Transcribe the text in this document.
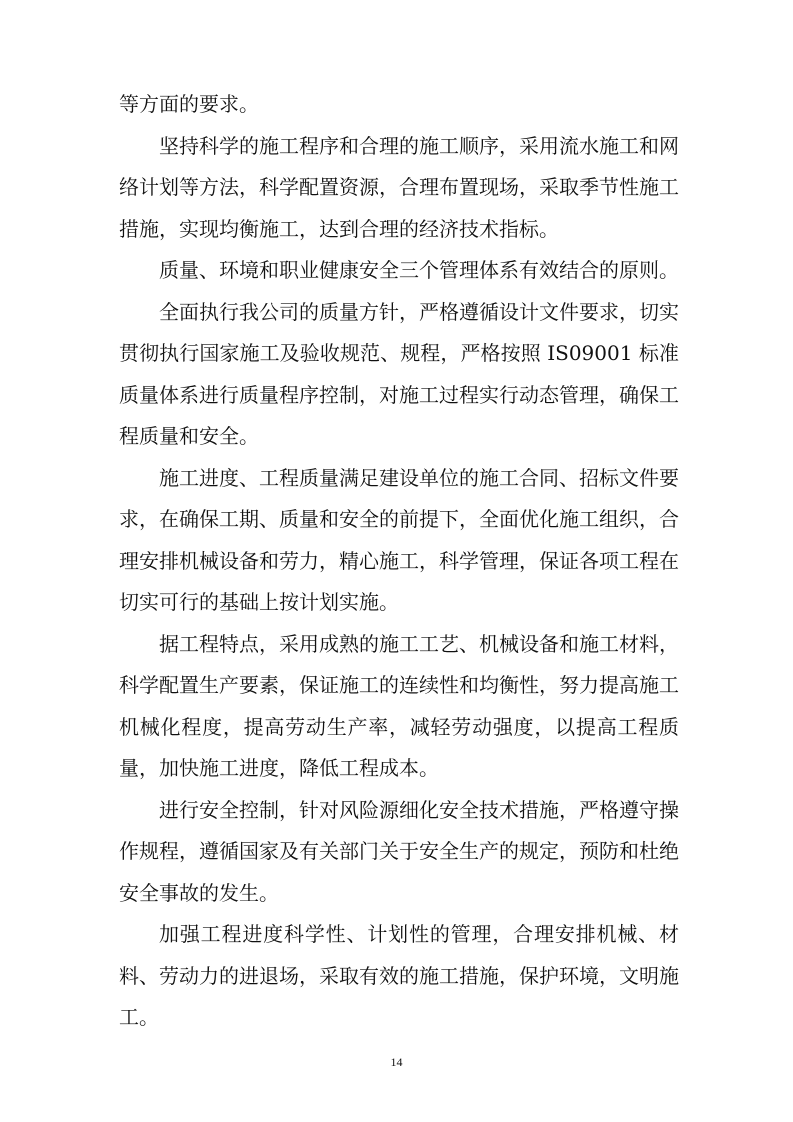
等方面的要求。

坚持科学的施工程序和合理的施工顺序，采用流水施工和网络计划等方法，科学配置资源，合理布置现场，采取季节性施工措施，实现均衡施工，达到合理的经济技术指标。

质量、环境和职业健康安全三个管理体系有效结合的原则。

全面执行我公司的质量方针，严格遵循设计文件要求，切实贯彻执行国家施工及验收规范、规程，严格按照 IS09001 标准质量体系进行质量程序控制，对施工过程实行动态管理，确保工程质量和安全。

施工进度、工程质量满足建设单位的施工合同、招标文件要求，在确保工期、质量和安全的前提下，全面优化施工组织，合理安排机械设备和劳力，精心施工，科学管理，保证各项工程在切实可行的基础上按计划实施。

据工程特点，采用成熟的施工工艺、机械设备和施工材料，科学配置生产要素，保证施工的连续性和均衡性，努力提高施工机械化程度，提高劳动生产率，减轻劳动强度，以提高工程质量，加快施工进度，降低工程成本。

进行安全控制，针对风险源细化安全技术措施，严格遵守操作规程，遵循国家及有关部门关于安全生产的规定，预防和杜绝安全事故的发生。

加强工程进度科学性、计划性的管理，合理安排机械、材料、劳动力的进退场，采取有效的施工措施，保护环境，文明施工。

14
